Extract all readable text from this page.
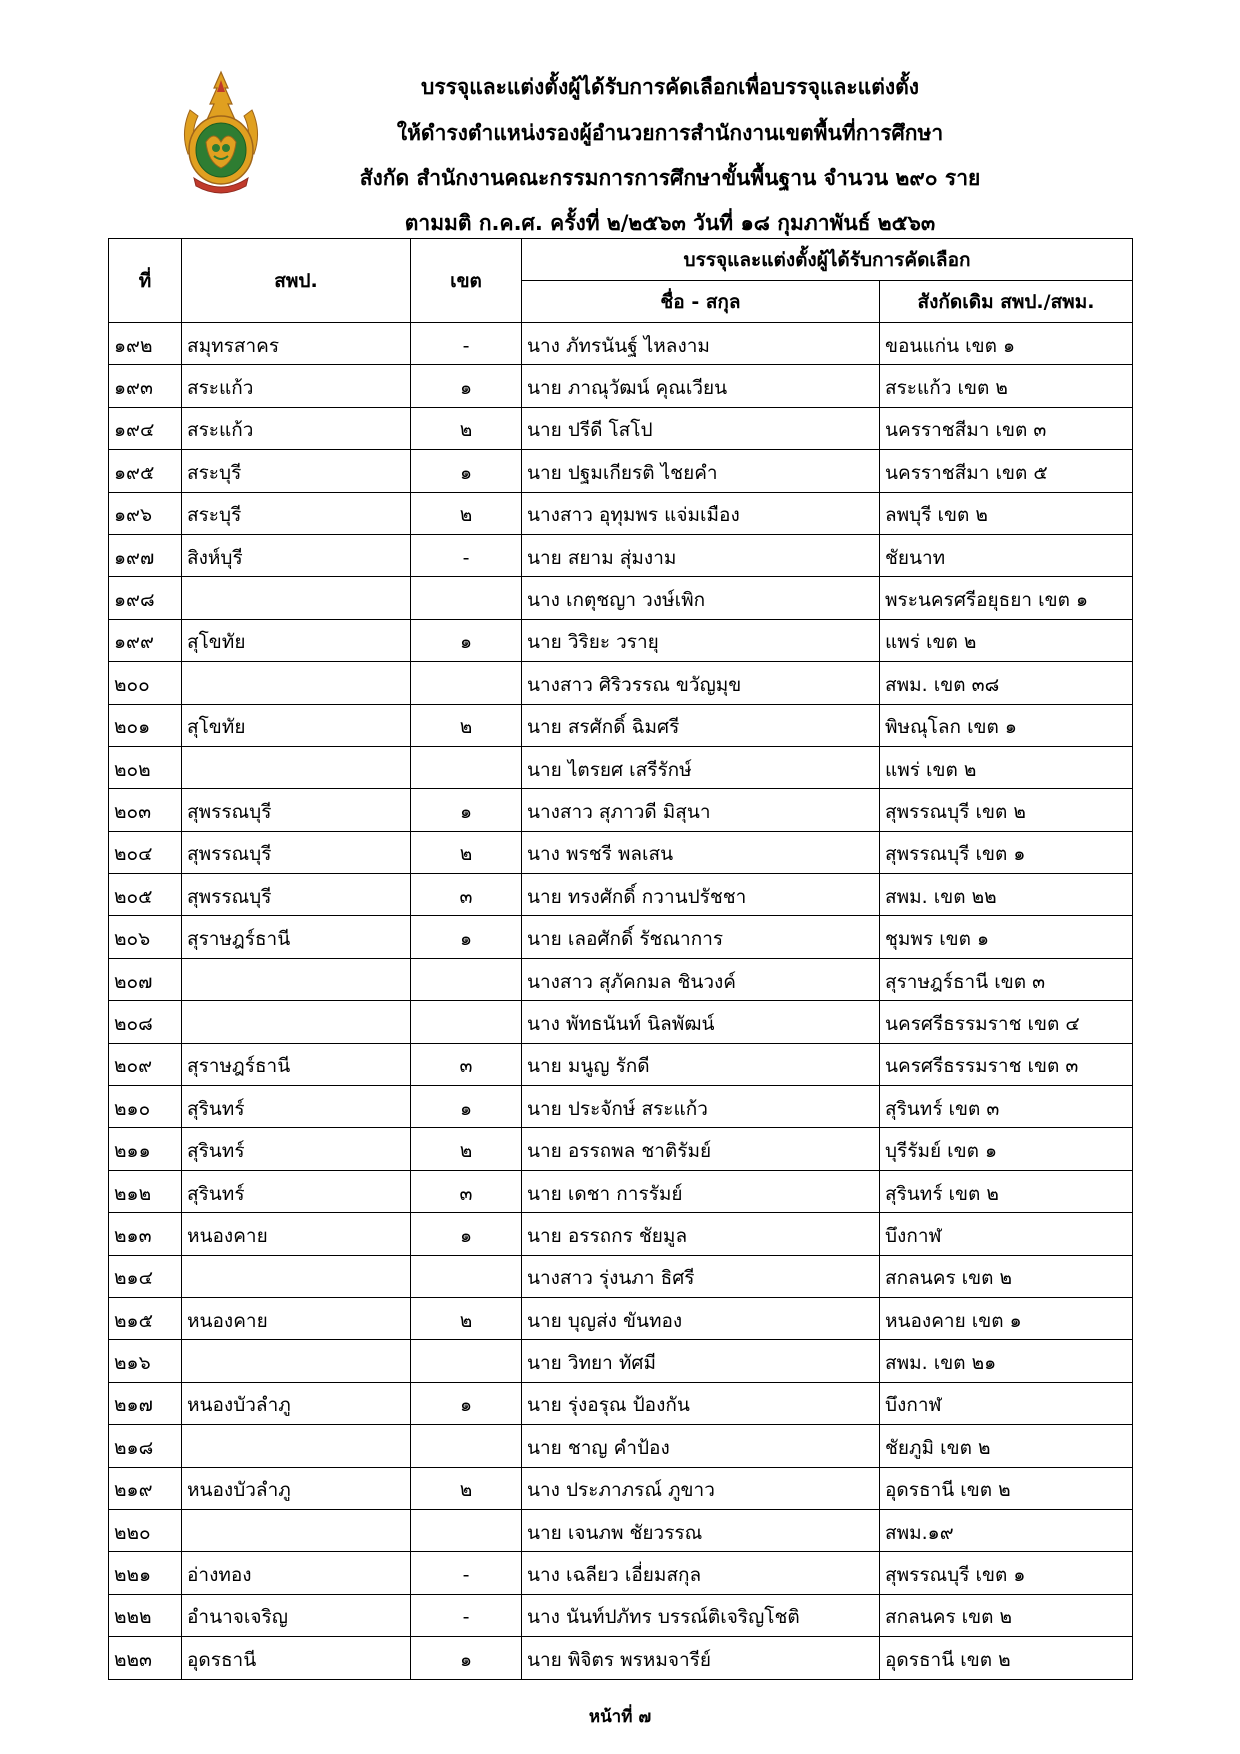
บรรจุและแต่งตั้งผู้ได้รับการคัดเลือกเพื่อบรรจุและแต่งตั้ง
ให้ดำรงตำแหน่งรองผู้อำนวยการสำนักงานเขตพื้นที่การศึกษา
สังกัด สำนักงานคณะกรรมการการศึกษาขั้นพื้นฐาน จำนวน ๒๙๐ ราย
ตามมติ ก.ค.ศ. ครั้งที่ ๒/๒๕๖๓ วันที่ ๑๘ กุมภาพันธ์ ๒๕๖๓
ที่	สพป.	เขต	บรรจุและแต่งตั้งผู้ได้รับการคัดเลือก	
			ชื่อ - สกุล	สังกัดเดิม สพป./สพม.
๑๙๒	สมุทรสาคร	-	นาง ภัทรนันฐ์ ไหลงาม	ขอนแก่น เขต ๑
๑๙๓	สระแก้ว	๑	นาย ภาณุวัฒน์ คุณเวียน	สระแก้ว เขต ๒
๑๙๔	สระแก้ว	๒	นาย ปรีดี โสโป	นครราชสีมา เขต ๓
๑๙๕	สระบุรี	๑	นาย ปฐมเกียรติ ไชยคำ	นครราชสีมา เขต ๕
๑๙๖	สระบุรี	๒	นางสาว อุทุมพร แจ่มเมือง	ลพบุรี เขต ๒
๑๙๗	สิงห์บุรี	-	นาย สยาม สุ่มงาม	ชัยนาท
๑๙๘			นาง เกตุชญา วงษ์เพิก	พระนครศรีอยุธยา เขต ๑
๑๙๙	สุโขทัย	๑	นาย วิริยะ วรายุ	แพร่ เขต ๒
๒๐๐			นางสาว ศิริวรรณ ขวัญมุข	สพม. เขต ๓๘
๒๐๑	สุโขทัย	๒	นาย สรศักดิ์ ฉิมศรี	พิษณุโลก เขต ๑
๒๐๒			นาย ไตรยศ เสรีรักษ์	แพร่ เขต ๒
๒๐๓	สุพรรณบุรี	๑	นางสาว สุภาวดี มิสุนา	สุพรรณบุรี เขต ๒
๒๐๔	สุพรรณบุรี	๒	นาง พรชรี พลเสน	สุพรรณบุรี เขต ๑
๒๐๕	สุพรรณบุรี	๓	นาย ทรงศักดิ์ กวานปรัชชา	สพม. เขต ๒๒
๒๐๖	สุราษฎร์ธานี	๑	นาย เลอศักดิ์ รัชณาการ	ชุมพร เขต ๑
๒๐๗			นางสาว สุภัคกมล ชินวงค์	สุราษฎร์ธานี เขต ๓
๒๐๘			นาง พัทธนันท์ นิลพัฒน์	นครศรีธรรมราช เขต ๔
๒๐๙	สุราษฎร์ธานี	๓	นาย มนูญ รักดี	นครศรีธรรมราช เขต ๓
๒๑๐	สุรินทร์	๑	นาย ประจักษ์ สระแก้ว	สุรินทร์ เขต ๓
๒๑๑	สุรินทร์	๒	นาย อรรถพล ชาติรัมย์	บุรีรัมย์ เขต ๑
๒๑๒	สุรินทร์	๓	นาย เดชา การรัมย์	สุรินทร์ เขต ๒
๒๑๓	หนองคาย	๑	นาย อรรถกร ชัยมูล	บึงกาฬ
๒๑๔			นางสาว รุ่งนภา ธิศรี	สกลนคร เขต ๒
๒๑๕	หนองคาย	๒	นาย บุญส่ง ขันทอง	หนองคาย เขต ๑
๒๑๖			นาย วิทยา ทัศมี	สพม. เขต ๒๑
๒๑๗	หนองบัวลำภู	๑	นาย รุ่งอรุณ ป้องกัน	บึงกาฬ
๒๑๘			นาย ชาญ คำป้อง	ชัยภูมิ เขต ๒
๒๑๙	หนองบัวลำภู	๒	นาง ประภาภรณ์ ภูขาว	อุดรธานี เขต ๒
๒๒๐			นาย เจนภพ ชัยวรรณ	สพม.๑๙
๒๒๑	อ่างทอง	-	นาง เฉลียว เอี่ยมสกุล	สุพรรณบุรี เขต ๑
๒๒๒	อำนาจเจริญ	-	นาง นันท์ปภัทร บรรณ์ติเจริญโชติ	สกลนคร เขต ๒
๒๒๓	อุดรธานี	๑	นาย พิจิตร พรหมจารีย์	อุดรธานี เขต ๒
หน้าที่ ๗
